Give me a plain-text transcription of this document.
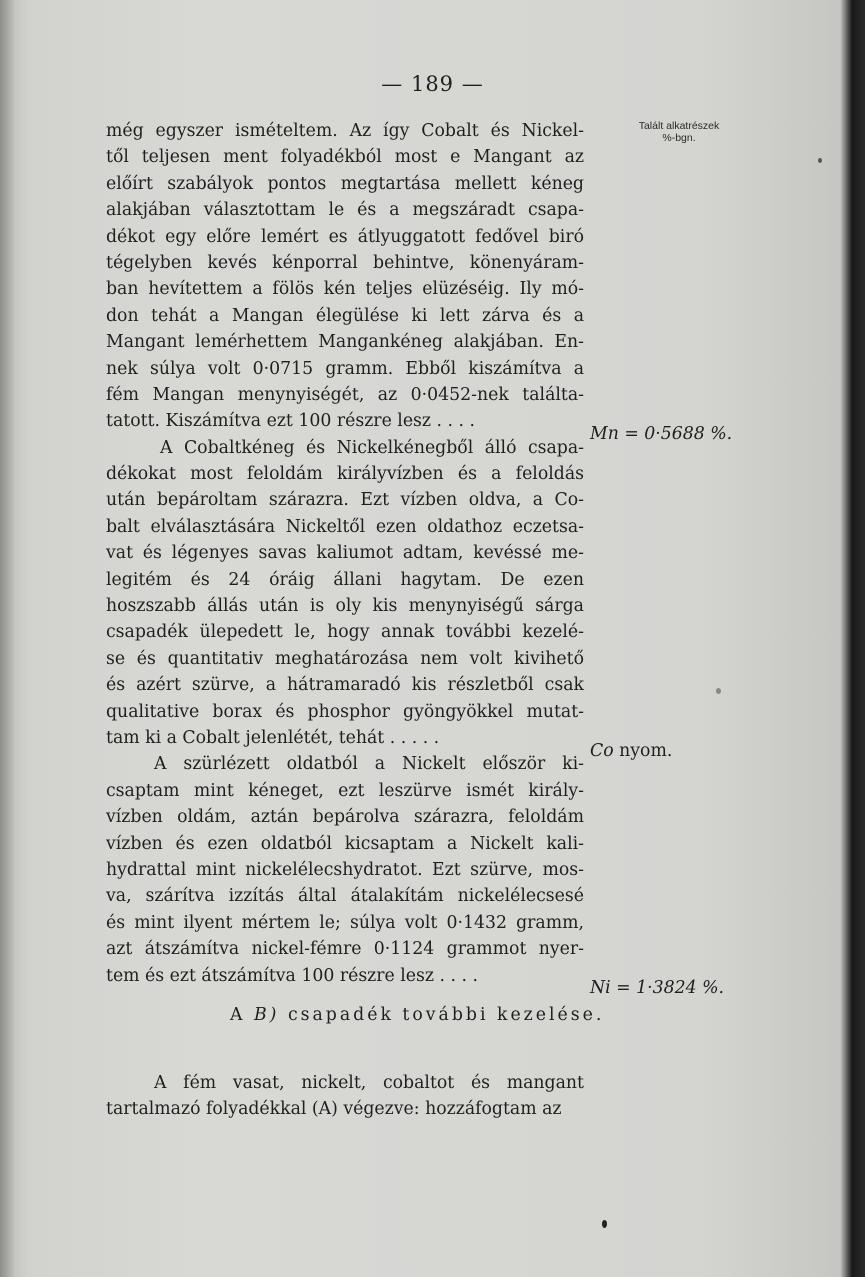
— 189 —
Talált alkatrészek
%-bgn.
még egyszer ismételtem. Az így Cobalt és Nickel-
től teljesen ment folyadékból most e Mangant az
előírt szabályok pontos megtartása mellett kéneg
alakjában választottam le és a megszáradt csapa-
dékot egy előre lemért es átlyuggatott fedővel biró
tégelyben kevés kénporral behintve, könenyáram-
ban hevítettem a fölös kén teljes elüzéséig. Ily mó-
don tehát a Mangan élegülése ki lett zárva és a
Mangant lemérhettem Mangankéneg alakjában. En-
nek súlya volt 0·0715 gramm. Ebből kiszámítva a
fém Mangan menynyiségét, az 0·0452-nek találta-
tatott. Kiszámítva ezt 100 részre lesz . . . .
A Cobaltkéneg és Nickelkénegből álló csapa-
dékokat most feloldám királyvízben és a feloldás
után bepároltam szárazra. Ezt vízben oldva, a Co-
balt elválasztására Nickeltől ezen oldathoz eczetsa-
vat és légenyes savas kaliumot adtam, kevéssé me-
legitém és 24 óráig állani hagytam. De ezen
hoszszabb állás után is oly kis menynyiségű sárga
csapadék ülepedett le, hogy annak további kezelé-
se és quantitativ meghatározása nem volt kivihető
és azért szürve, a hátramaradó kis részletből csak
qualitative borax és phosphor gyöngyökkel mutat-
tam ki a Cobalt jelenlétét, tehát . . . . .
A szürlézett oldatból a Nickelt először ki-
csaptam mint kéneget, ezt leszürve ismét király-
vízben oldám, aztán bepárolva szárazra, feloldám
vízben és ezen oldatból kicsaptam a Nickelt kali-
hydrattal mint nickelélecshydratot. Ezt szürve, mos-
va, szárítva izzítás által átalakítám nickelélecsesé
és mint ilyent mértem le; súlya volt 0·1432 gramm,
azt átszámítva nickel-fémre 0·1124 grammot nyer-
tem és ezt átszámítva 100 részre lesz . . . .
Mn = 0·5688 %.
Co nyom.
Ni = 1·3824 %.
A B) csapadék további kezelése.
A fém vasat, nickelt, cobaltot és mangant
tartalmazó folyadékkal (A) végezve: hozzáfogtam az
